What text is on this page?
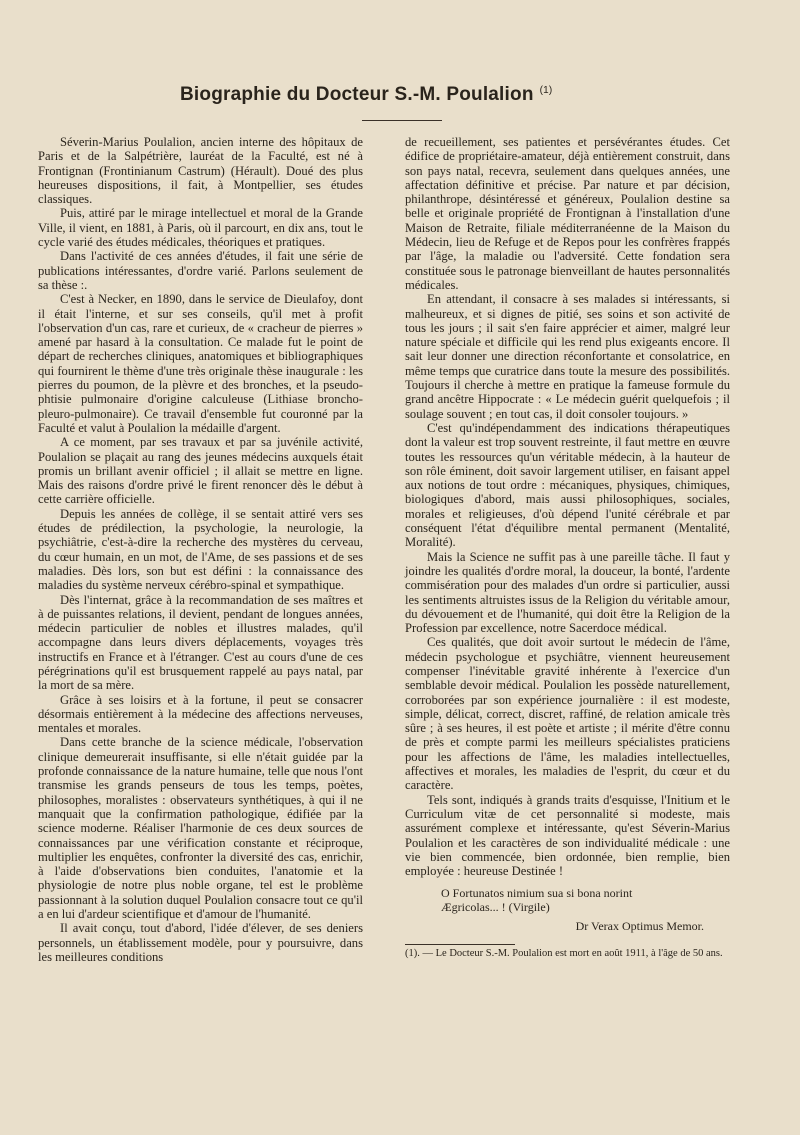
Biographie du Docteur S.-M. Poulalion $^{(1)}$

Séverin-Marius Poulalion, ancien interne des hôpitaux de Paris et de la Salpétrière, lauréat de la Faculté, est né à Frontignan (Frontinianum Castrum) (Hérault). Doué des plus heureuses dispositions, il fait, à Montpellier, ses études classiques.

Puis, attiré par le mirage intellectuel et moral de la Grande Ville, il vient, en 1881, à Paris, où il parcourt, en dix ans, tout le cycle varié des études médicales, théoriques et pratiques.

Dans l'activité de ces années d'études, il fait une série de publications intéressantes, d'ordre varié. Parlons seulement de sa thèse :.

C'est à Necker, en 1890, dans le service de Dieulafoy, dont il était l'interne, et sur ses conseils, qu'il met à profit l'observation d'un cas, rare et curieux, de « cracheur de pierres » amené par hasard à la consultation. Ce malade fut le point de départ de recherches cliniques, anatomiques et bibliographiques qui fournirent le thème d'une très originale thèse inaugurale : les pierres du poumon, de la plèvre et des bronches, et la pseudo-phtisie pulmonaire d'origine calculeuse (Lithiase broncho-pleuro-pulmonaire). Ce travail d'ensemble fut couronné par la Faculté et valut à Poulalion la médaille d'argent.

A ce moment, par ses travaux et par sa juvénile activité, Poulalion se plaçait au rang des jeunes médecins auxquels était promis un brillant avenir officiel ; il allait se mettre en ligne. Mais des raisons d'ordre privé le firent renoncer dès le début à cette carrière officielle.

Depuis les années de collège, il se sentait attiré vers ses études de prédilection, la psychologie, la neurologie, la psychiâtrie, c'est-à-dire la recherche des mystères du cerveau, du cœur humain, en un mot, de l'Ame, de ses passions et de ses maladies. Dès lors, son but est défini : la connaissance des maladies du système nerveux cérébro-spinal et sympathique.

Dès l'internat, grâce à la recommandation de ses maîtres et à de puissantes relations, il devient, pendant de longues années, médecin particulier de nobles et illustres malades, qu'il accompagne dans leurs divers déplacements, voyages très instructifs en France et à l'étranger. C'est au cours d'une de ces pérégrinations qu'il est brusquement rappelé au pays natal, par la mort de sa mère.

Grâce à ses loisirs et à la fortune, il peut se consacrer désormais entièrement à la médecine des affections nerveuses, mentales et morales.

Dans cette branche de la science médicale, l'observation clinique demeurerait insuffisante, si elle n'était guidée par la profonde connaissance de la nature humaine, telle que nous l'ont transmise les grands penseurs de tous les temps, poètes, philosophes, moralistes : observateurs synthétiques, à qui il ne manquait que la confirmation pathologique, édifiée par la science moderne. Réaliser l'harmonie de ces deux sources de connaissances par une vérification constante et réciproque, multiplier les enquêtes, confronter la diversité des cas, enrichir, à l'aide d'observations bien conduites, l'anatomie et la physiologie de notre plus noble organe, tel est le problème passionnant à la solution duquel Poulalion consacre tout ce qu'il a en lui d'ardeur scientifique et d'amour de l'humanité.

Il avait conçu, tout d'abord, l'idée d'élever, de ses deniers personnels, un établissement modèle, pour y poursuivre, dans les meilleures conditions

de recueillement, ses patientes et persévérantes études. Cet édifice de propriétaire-amateur, déjà entièrement construit, dans son pays natal, recevra, seulement dans quelques années, une affectation définitive et précise. Par nature et par décision, philanthrope, désintéressé et généreux, Poulalion destine sa belle et originale propriété de Frontignan à l'installation d'une Maison de Retraite, filiale méditerranéenne de la Maison du Médecin, lieu de Refuge et de Repos pour les confrères frappés par l'âge, la maladie ou l'adversité. Cette fondation sera constituée sous le patronage bienveillant de hautes personnalités médicales.

En attendant, il consacre à ses malades si intéressants, si malheureux, et si dignes de pitié, ses soins et son activité de tous les jours ; il sait s'en faire apprécier et aimer, malgré leur nature spéciale et difficile qui les rend plus exigeants encore. Il sait leur donner une direction réconfortante et consolatrice, en même temps que curatrice dans toute la mesure des possibilités. Toujours il cherche à mettre en pratique la fameuse formule du grand ancêtre Hippocrate : « Le médecin guérit quelquefois ; il soulage souvent ; en tout cas, il doit consoler toujours. »

C'est qu'indépendamment des indications thérapeutiques dont la valeur est trop souvent restreinte, il faut mettre en œuvre toutes les ressources qu'un véritable médecin, à la hauteur de son rôle éminent, doit savoir largement utiliser, en faisant appel aux notions de tout ordre : mécaniques, physiques, chimiques, biologiques d'abord, mais aussi philosophiques, sociales, morales et religieuses, d'où dépend l'unité cérébrale et par conséquent l'état d'équilibre mental permanent (Mentalité, Moralité).

Mais la Science ne suffit pas à une pareille tâche. Il faut y joindre les qualités d'ordre moral, la douceur, la bonté, l'ardente commisération pour des malades d'un ordre si particulier, aussi les sentiments altruistes issus de la Religion du véritable amour, du dévouement et de l'humanité, qui doit être la Religion de la Profession par excellence, notre Sacerdoce médical.

Ces qualités, que doit avoir surtout le médecin de l'âme, médecin psychologue et psychiâtre, viennent heureusement compenser l'inévitable gravité inhérente à l'exercice d'un semblable devoir médical. Poulalion les possède naturellement, corroborées par son expérience journalière : il est modeste, simple, délicat, correct, discret, raffiné, de relation amicale très sûre ; à ses heures, il est poète et artiste ; il mérite d'être connu de près et compte parmi les meilleurs spécialistes praticiens pour les affections de l'âme, les maladies intellectuelles, affectives et morales, les maladies de l'esprit, du cœur et du caractère.

Tels sont, indiqués à grands traits d'esquisse, l'Initium et le Curriculum vitæ de cet personnalité si modeste, mais assurément complexe et intéressante, qu'est Séverin-Marius Poulalion et les caractères de son individualité médicale : une vie bien commencée, bien ordonnée, bien remplie, bien employée : heureuse Destinée !

O Fortunatos nimium sua si bona norint
Ægricolas... ! (Virgile)
Dr Verax Optimus Memor.
(1). — Le Docteur S.-M. Poulalion est mort en août 1911, à l'âge de 50 ans.
